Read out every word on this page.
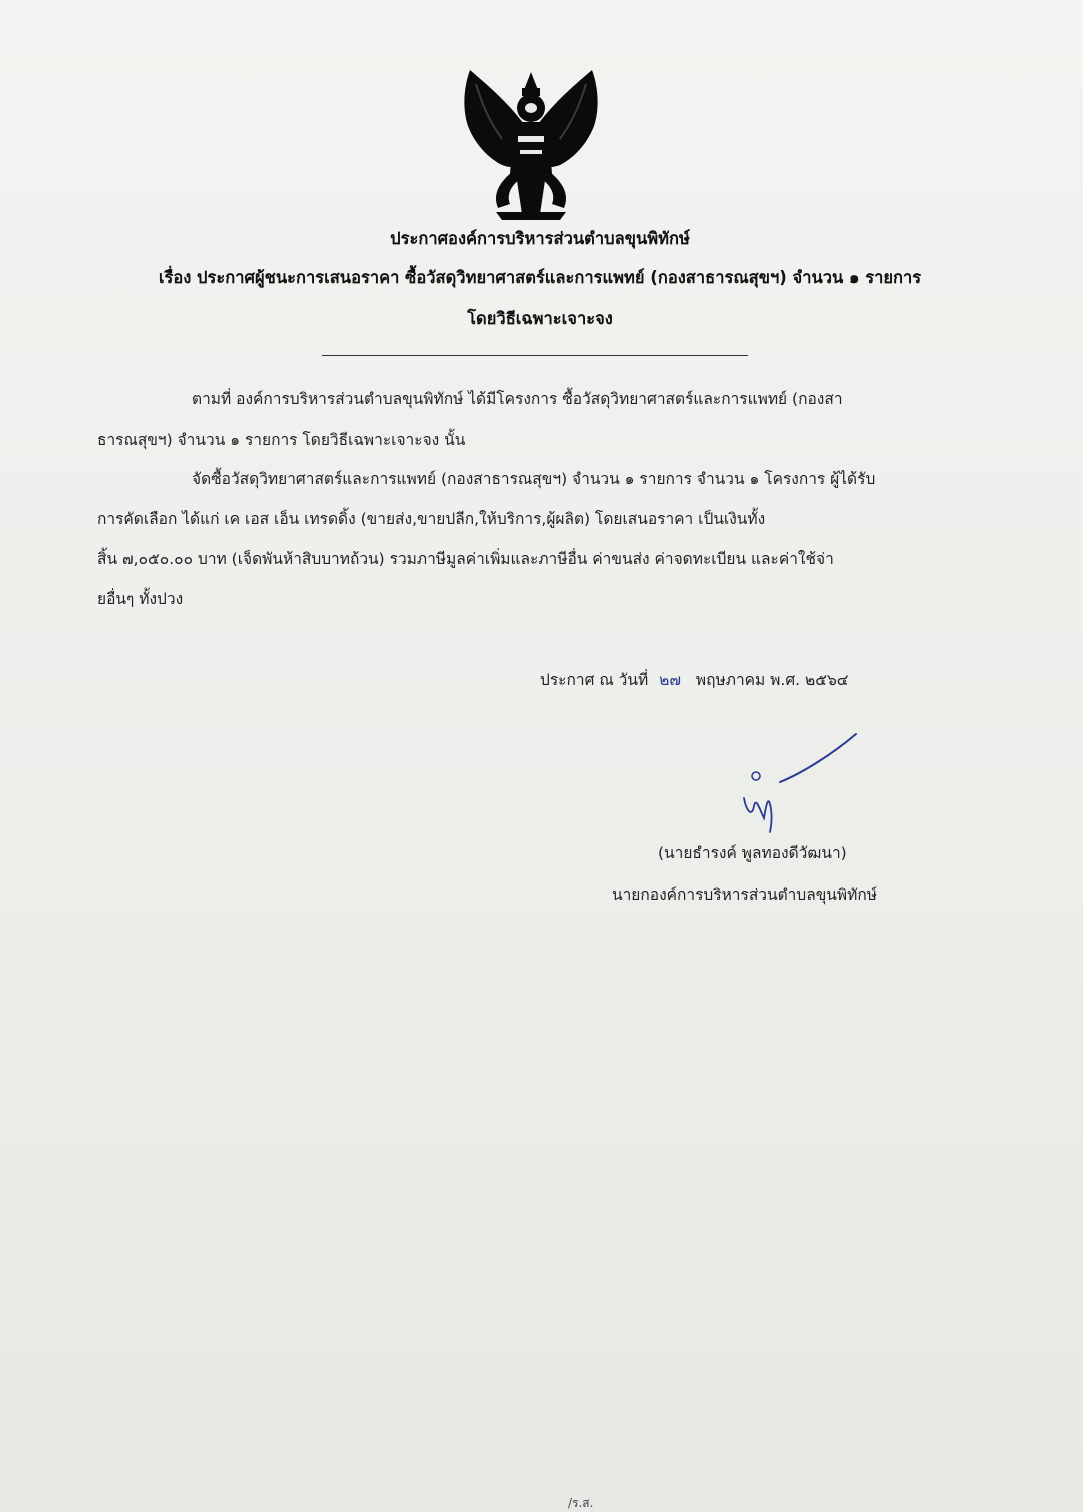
ประกาศองค์การบริหารส่วนตำบลขุนพิทักษ์
เรื่อง ประกาศผู้ชนะการเสนอราคา ซื้อวัสดุวิทยาศาสตร์และการแพทย์ (กองสาธารณสุขฯ) จำนวน ๑ รายการ
โดยวิธีเฉพาะเจาะจง
ตามที่ องค์การบริหารส่วนตำบลขุนพิทักษ์ ได้มีโครงการ ซื้อวัสดุวิทยาศาสตร์และการแพทย์ (กองสา
ธารณสุขฯ) จำนวน ๑ รายการ โดยวิธีเฉพาะเจาะจง นั้น
จัดซื้อวัสดุวิทยาศาสตร์และการแพทย์ (กองสาธารณสุขฯ) จำนวน ๑ รายการ จำนวน ๑ โครงการ ผู้ได้รับ
การคัดเลือก ได้แก่ เค เอส เอ็น เทรดดิ้ง (ขายส่ง,ขายปลีก,ให้บริการ,ผู้ผลิต) โดยเสนอราคา เป็นเงินทั้ง
สิ้น ๗,๐๕๐.๐๐ บาท (เจ็ดพันห้าสิบบาทถ้วน) รวมภาษีมูลค่าเพิ่มและภาษีอื่น ค่าขนส่ง ค่าจดทะเบียน และค่าใช้จ่า
ยอื่นๆ ทั้งปวง
ประกาศ ณ วันที่ ๒๗ พฤษภาคม พ.ศ. ๒๕๖๔
(นายธำรงค์ พูลทองดีวัฒนา)
นายกองค์การบริหารส่วนตำบลขุนพิทักษ์
/ร.ส.
